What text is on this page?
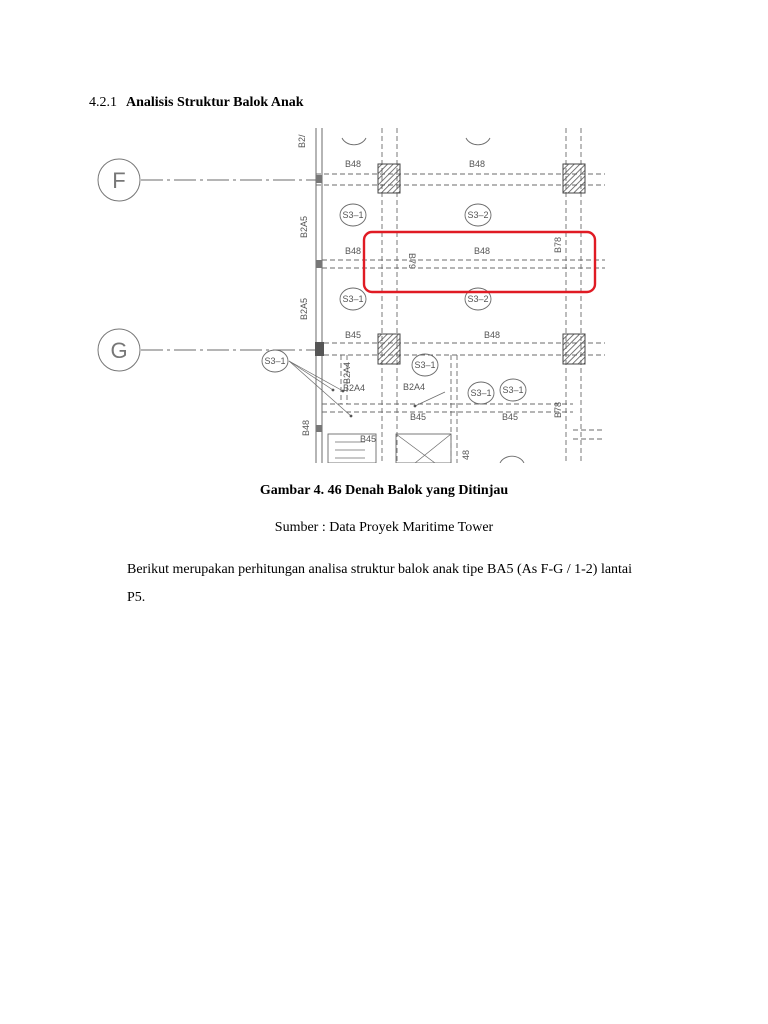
4.2.1 Analisis Struktur Balok Anak
F
G
B2/
B48	B48
S3–1	S3–2
B2A5
B48
B79
B48	B78
S3–1	S3–2
B2A5
B45	B48
S3–1
B2A4
B2A4	B2A4
S3–1
S3–1 S3–1
B45	B45	B78
B48
B45
48
Gambar 4. 46 Denah Balok yang Ditinjau
Sumber : Data Proyek Maritime Tower
Berikut merupakan perhitungan analisa struktur balok anak tipe BA5 (As F-G / 1-2) lantai
P5.
